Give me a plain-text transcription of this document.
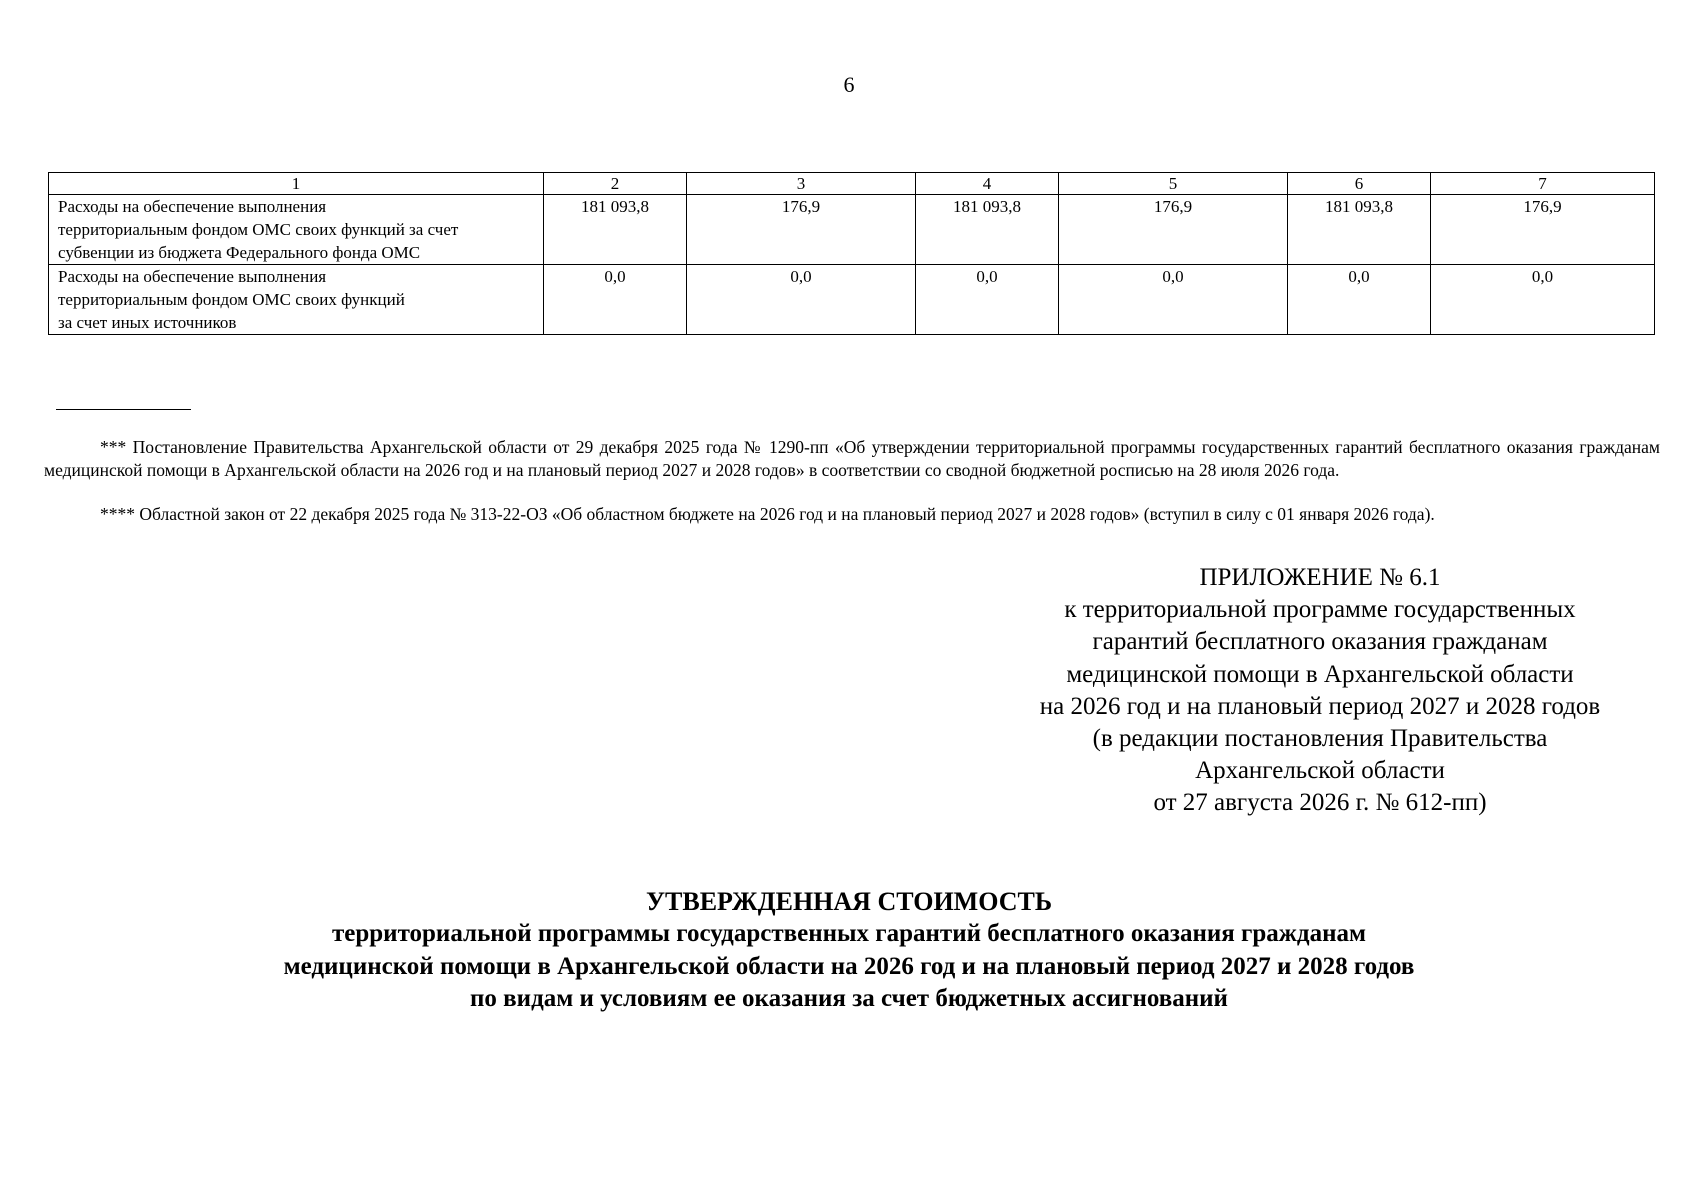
6
1	2	3	4	5	6	7

Расходы на обеспечение выполнения
территориальным фондом ОМС своих функций за счет
субвенции из бюджета Федерального фонда ОМС	181 093,8	176,9	181 093,8	176,9	181 093,8	176,9

Расходы на обеспечение выполнения
территориальным фондом ОМС своих функций
за счет иных источников	0,0	0,0	0,0	0,0	0,0	0,0
*** Постановление Правительства Архангельской области от 29 декабря 2025 года № 1290-пп «Об утверждении территориальной программы государственных гарантий бесплатного оказания гражданам медицинской помощи в Архангельской области на 2026 год и на плановый период 2027 и 2028 годов» в соответствии со сводной бюджетной росписью на 28 июля 2026 года.
**** Областной закон от 22 декабря 2025 года № 313-22-ОЗ «Об областном бюджете на 2026 год и на плановый период 2027 и 2028 годов» (вступил в силу с 01 января 2026 года).
ПРИЛОЖЕНИЕ № 6.1
к территориальной программе государственных
гарантий бесплатного оказания гражданам
медицинской помощи в Архангельской области
на 2026 год и на плановый период 2027 и 2028 годов
(в редакции постановления Правительства
Архангельской области
от 27 августа 2026 г. № 612-пп)
УТВЕРЖДЕННАЯ СТОИМОСТЬ
территориальной программы государственных гарантий бесплатного оказания гражданам
медицинской помощи в Архангельской области на 2026 год и на плановый период 2027 и 2028 годов
по видам и условиям ее оказания за счет бюджетных ассигнований
